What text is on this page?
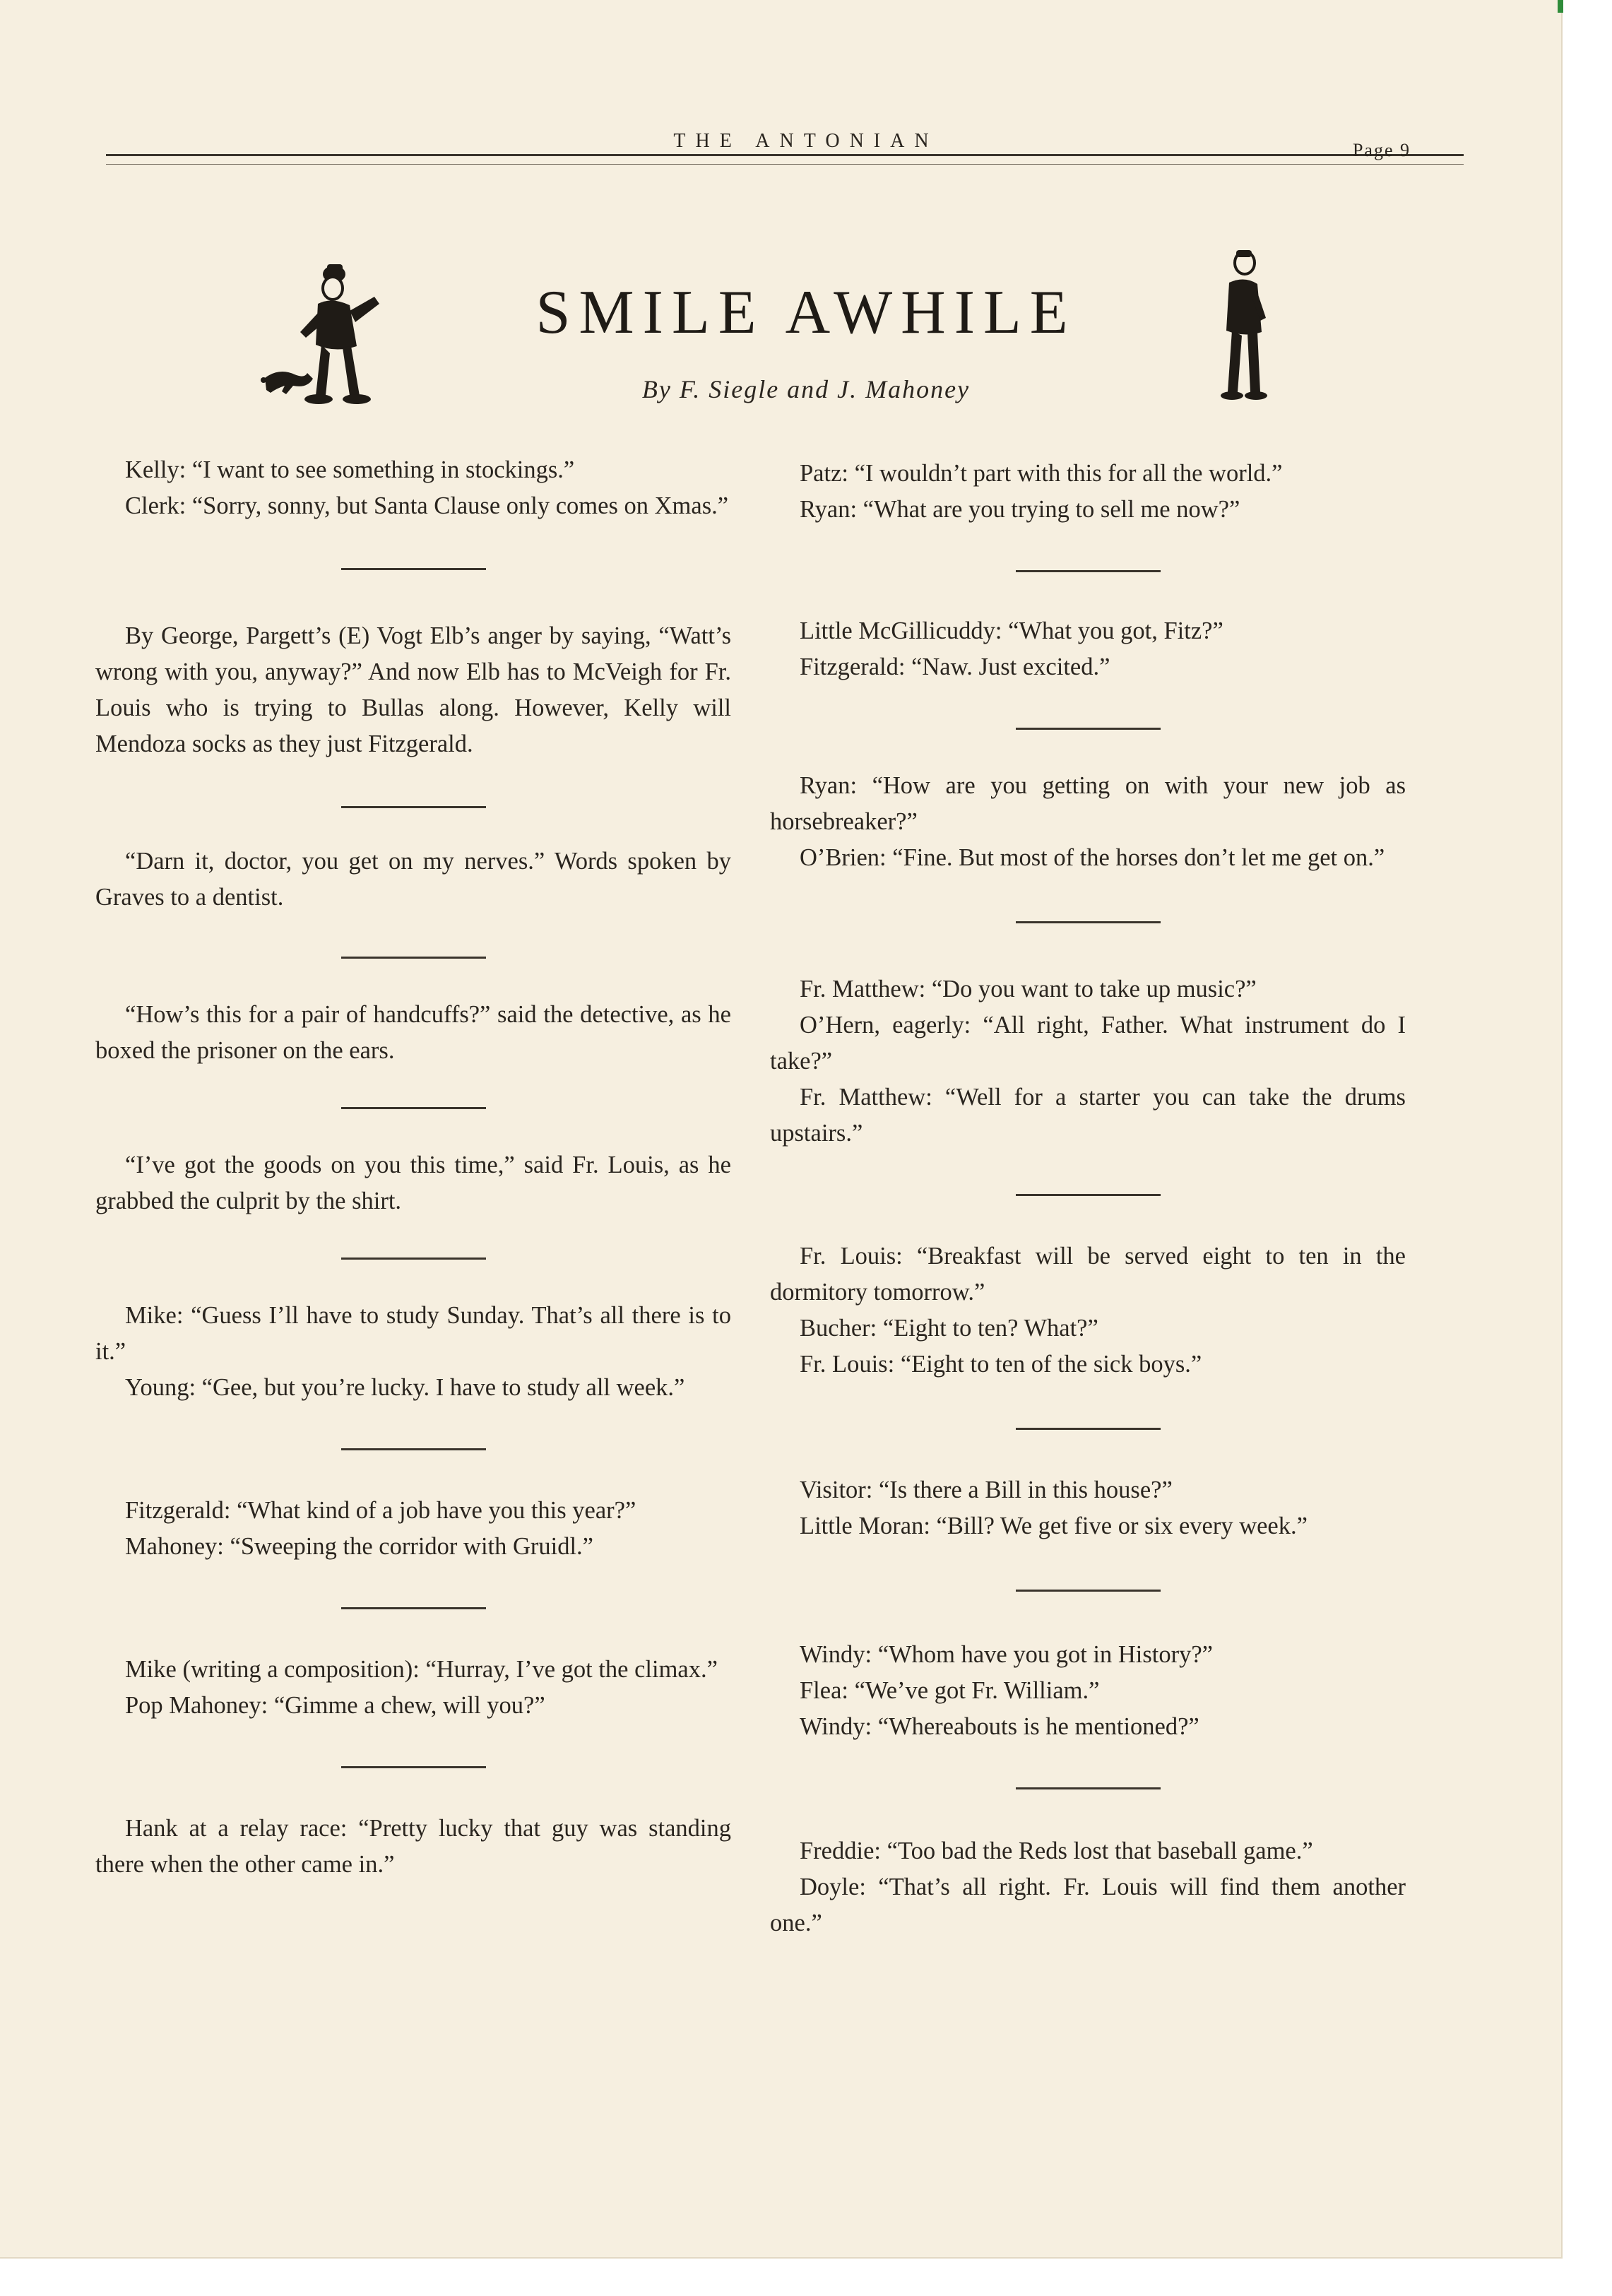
THE ANTONIAN	Page 9
SMILE AWHILE
By F. Siegle and J. Mahoney

Kelly: “I want to see something in stockings.”

Clerk: “Sorry, sonny, but Santa Clause only comes on Xmas.”

By George, Pargett’s (E) Vogt Elb’s anger by saying, “Watt’s wrong with you, anyway?” And now Elb has to McVeigh for Fr. Louis who is trying to Bullas along. However, Kelly will Mendoza socks as they just Fitzgerald.

“Darn it, doctor, you get on my nerves.” Words spoken by Graves to a dentist.

“How’s this for a pair of handcuffs?” said the detective, as he boxed the prisoner on the ears.

“I’ve got the goods on you this time,” said Fr. Louis, as he grabbed the culprit by the shirt.

Mike: “Guess I’ll have to study Sunday. That’s all there is to it.”

Young: “Gee, but you’re lucky. I have to study all week.”

Fitzgerald: “What kind of a job have you this year?”

Mahoney: “Sweeping the corridor with Gruidl.”

Mike (writing a composition): “Hurray, I’ve got the climax.”

Pop Mahoney: “Gimme a chew, will you?”

Hank at a relay race: “Pretty lucky that guy was standing there when the other came in.”

Patz: “I wouldn’t part with this for all the world.”

Ryan: “What are you trying to sell me now?”

Little McGillicuddy: “What you got, Fitz?”

Fitzgerald: “Naw. Just excited.”

Ryan: “How are you getting on with your new job as horsebreaker?”

O’Brien: “Fine. But most of the horses don’t let me get on.”

Fr. Matthew: “Do you want to take up music?”

O’Hern, eagerly: “All right, Father. What instrument do I take?”

Fr. Matthew: “Well for a starter you can take the drums upstairs.”

Fr. Louis: “Breakfast will be served eight to ten in the dormitory tomorrow.”

Bucher: “Eight to ten? What?”

Fr. Louis: “Eight to ten of the sick boys.”

Visitor: “Is there a Bill in this house?”

Little Moran: “Bill? We get five or six every week.”

Windy: “Whom have you got in History?”

Flea: “We’ve got Fr. William.”

Windy: “Whereabouts is he mentioned?”

Freddie: “Too bad the Reds lost that baseball game.”

Doyle: “That’s all right. Fr. Louis will find them another one.”
